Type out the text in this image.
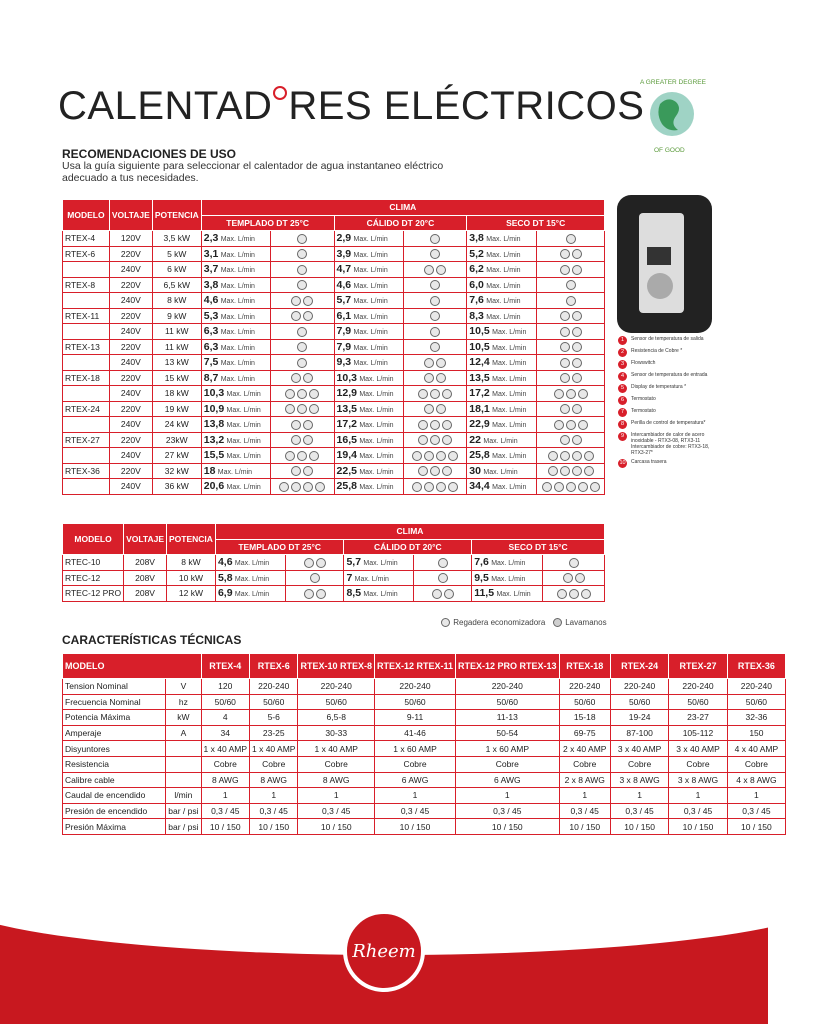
CALENTAD RES ELÉCTRICOS
A GREATER DEGREE
OF GOOD
RECOMENDACIONES DE USO
Usa la guía siguiente para seleccionar el calentador de agua instantaneo eléctrico adecuado a tus necesidades.
MODELO	VOLTAJE	POTENCIA	CLIMA					
			TEMPLADO DT 25°C		CÁLIDO DT 20°C		SECO DT 15°C	
RTEX-4	120V	3,5 kW	2,3 Max. L/min		2,9 Max. L/min		3,8 Max. L/min	
RTEX-6	220V	5 kW	3,1 Max. L/min		3,9 Max. L/min		5,2 Max. L/min	
	240V	6 kW	3,7 Max. L/min		4,7 Max. L/min		6,2 Max. L/min	
RTEX-8	220V	6,5 kW	3,8 Max. L/min		4,6 Max. L/min		6,0 Max. L/min	
	240V	8 kW	4,6 Max. L/min		5,7 Max. L/min		7,6 Max. L/min	
RTEX-11	220V	9 kW	5,3 Max. L/min		6,1 Max. L/min		8,3 Max. L/min	
	240V	11 kW	6,3 Max. L/min		7,9 Max. L/min		10,5 Max. L/min	
RTEX-13	220V	11 kW	6,3 Max. L/min		7,9 Max. L/min		10,5 Max. L/min	
	240V	13 kW	7,5 Max. L/min		9,3 Max. L/min		12,4 Max. L/min	
RTEX-18	220V	15 kW	8,7 Max. L/min		10,3 Max. L/min		13,5 Max. L/min	
	240V	18 kW	10,3 Max. L/min		12,9 Max. L/min		17,2 Max. L/min	
RTEX-24	220V	19 kW	10,9 Max. L/min		13,5 Max. L/min		18,1 Max. L/min	
	240V	24 kW	13,8 Max. L/min		17,2 Max. L/min		22,9 Max. L/min	
RTEX-27	220V	23kW	13,2 Max. L/min		16,5 Max. L/min		22 Max. L/min	
	240V	27 kW	15,5 Max. L/min		19,4 Max. L/min		25,8 Max. L/min	
RTEX-36	220V	32 kW	18 Max. L/min		22,5 Max. L/min		30 Max. L/min	
	240V	36 kW	20,6 Max. L/min		25,8 Max. L/min		34,4 Max. L/min	
MODELO	VOLTAJE	POTENCIA	CLIMA					
			TEMPLADO DT 25°C		CÁLIDO DT 20°C		SECO DT 15°C	
RTEC-10	208V	8 kW	4,6 Max. L/min		5,7 Max. L/min		7,6 Max. L/min	
RTEC-12	208V	10 kW	5,8 Max. L/min		7 Max. L/min		9,5 Max. L/min	
RTEC-12 PRO	208V	12 kW	6,9 Max. L/min		8,5 Max. L/min		11,5 Max. L/min	
Regadera economizadora Lavamanos
CARACTERÍSTICAS TÉCNICAS
MODELO		RTEX-4	RTEX-6	RTEX-10 RTEX-8	RTEX-12 RTEX-11	RTEX-12 PRO RTEX-13	RTEX-18	RTEX-24	RTEX-27	RTEX-36
Tension Nominal	V	120	220-240	220-240	220-240	220-240	220-240	220-240	220-240	220-240
Frecuencia Nominal	hz	50/60	50/60	50/60	50/60	50/60	50/60	50/60	50/60	50/60
Potencia Máxima	kW	4	5-6	6,5-8	9-11	11-13	15-18	19-24	23-27	32-36
Amperaje	A	34	23-25	30-33	41-46	50-54	69-75	87-100	105-112	150
Disyuntores		1 x 40 AMP	1 x 40 AMP	1 x 40 AMP	1 x 60 AMP	1 x 60 AMP	2 x 40 AMP	3 x 40 AMP	3 x 40 AMP	4 x 40 AMP
Resistencia		Cobre	Cobre	Cobre	Cobre	Cobre	Cobre	Cobre	Cobre	Cobre
Calibre cable		8 AWG	8 AWG	8 AWG	6 AWG	6 AWG	2 x 8 AWG	3 x 8 AWG	3 x 8 AWG	4 x 8 AWG
Caudal de encendido	l/min	1	1	1	1	1	1	1	1	1
Presión de encendido	bar / psi	0,3 / 45	0,3 / 45	0,3 / 45	0,3 / 45	0,3 / 45	0,3 / 45	0,3 / 45	0,3 / 45	0,3 / 45
Presión Máxima	bar / psi	10 / 150	10 / 150	10 / 150	10 / 150	10 / 150	10 / 150	10 / 150	10 / 150	10 / 150

1	Sensor de temperatura de salida
2	Resistencia de Cobre *
3	Flowswitch
4	Sensor de temperatura de entrada
5	Display de temperatura *
6	Termostato
7	Termostato
8	Perilla de control de temperatura*
9	Intercambiador de calor de acero inoxidable - RTX3-08, RTX3-11 Intercambiador de cobre: RTX3-18, RTX3-27*
10 Carcasa trasera
Rheem
